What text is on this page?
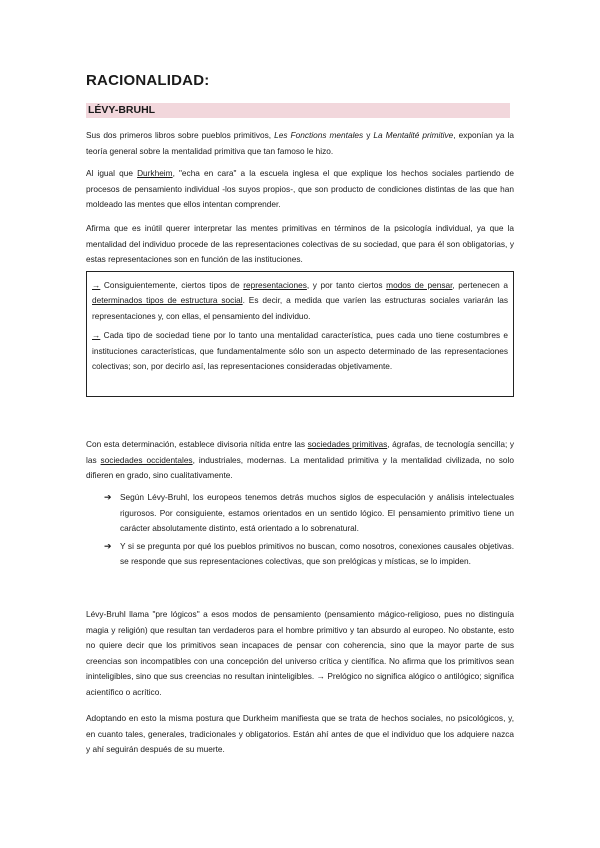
RACIONALIDAD:
LÉVY-BRUHL

Sus dos primeros libros sobre pueblos primitivos, Les Fonctions mentales y La Mentalité primitive, exponían ya la teoría general sobre la mentalidad primitiva que tan famoso le hizo.

Al igual que Durkheim, "echa en cara" a la escuela inglesa el que explique los hechos sociales partiendo de procesos de pensamiento individual -los suyos propios-, que son producto de condiciones distintas de las que han moldeado las mentes que ellos intentan comprender.

Afirma que es inútil querer interpretar las mentes primitivas en términos de la psicología individual, ya que la mentalidad del individuo procede de las representaciones colectivas de su sociedad, que para él son obligatorias, y estas representaciones son en función de las instituciones.

→ Consiguientemente, ciertos tipos de representaciones, y por tanto ciertos modos de pensar, pertenecen a determinados tipos de estructura social. Es decir, a medida que varíen las estructuras sociales variarán las representaciones y, con ellas, el pensamiento del individuo.

→ Cada tipo de sociedad tiene por lo tanto una mentalidad característica, pues cada uno tiene costumbres e instituciones características, que fundamentalmente sólo son un aspecto determinado de las representaciones colectivas; son, por decirlo así, las representaciones consideradas objetivamente.

Con esta determinación, establece divisoria nítida entre las sociedades primitivas, ágrafas, de tecnología sencilla; y las sociedades occidentales, industriales, modernas. La mentalidad primitiva y la mentalidad civilizada, no solo difieren en grado, sino cualitativamente.

➔ Según Lévy-Bruhl, los europeos tenemos detrás muchos siglos de especulación y análisis intelectuales rigurosos. Por consiguiente, estamos orientados en un sentido lógico. El pensamiento primitivo tiene un carácter absolutamente distinto, está orientado a lo sobrenatural.
➔ Y si se pregunta por qué los pueblos primitivos no buscan, como nosotros, conexiones causales objetivas. se responde que sus representaciones colectivas, que son prelógicas y místicas, se lo impiden.

Lévy-Bruhl llama "pre lógicos" a esos modos de pensamiento (pensamiento mágico-religioso, pues no distinguía magia y religión) que resultan tan verdaderos para el hombre primitivo y tan absurdo al europeo. No obstante, esto no quiere decir que los primitivos sean incapaces de pensar con coherencia, sino que la mayor parte de sus creencias son incompatibles con una concepción del universo crítica y científica. No afirma que los primitivos sean ininteligibles, sino que sus creencias no resultan ininteligibles. → Prelógico no significa alógico o antilógico; significa acientífico o acrítico.

Adoptando en esto la misma postura que Durkheim manifiesta que se trata de hechos sociales, no psicológicos, y, en cuanto tales, generales, tradicionales y obligatorios. Están ahí antes de que el individuo que los adquiere nazca y ahí seguirán después de su muerte.
